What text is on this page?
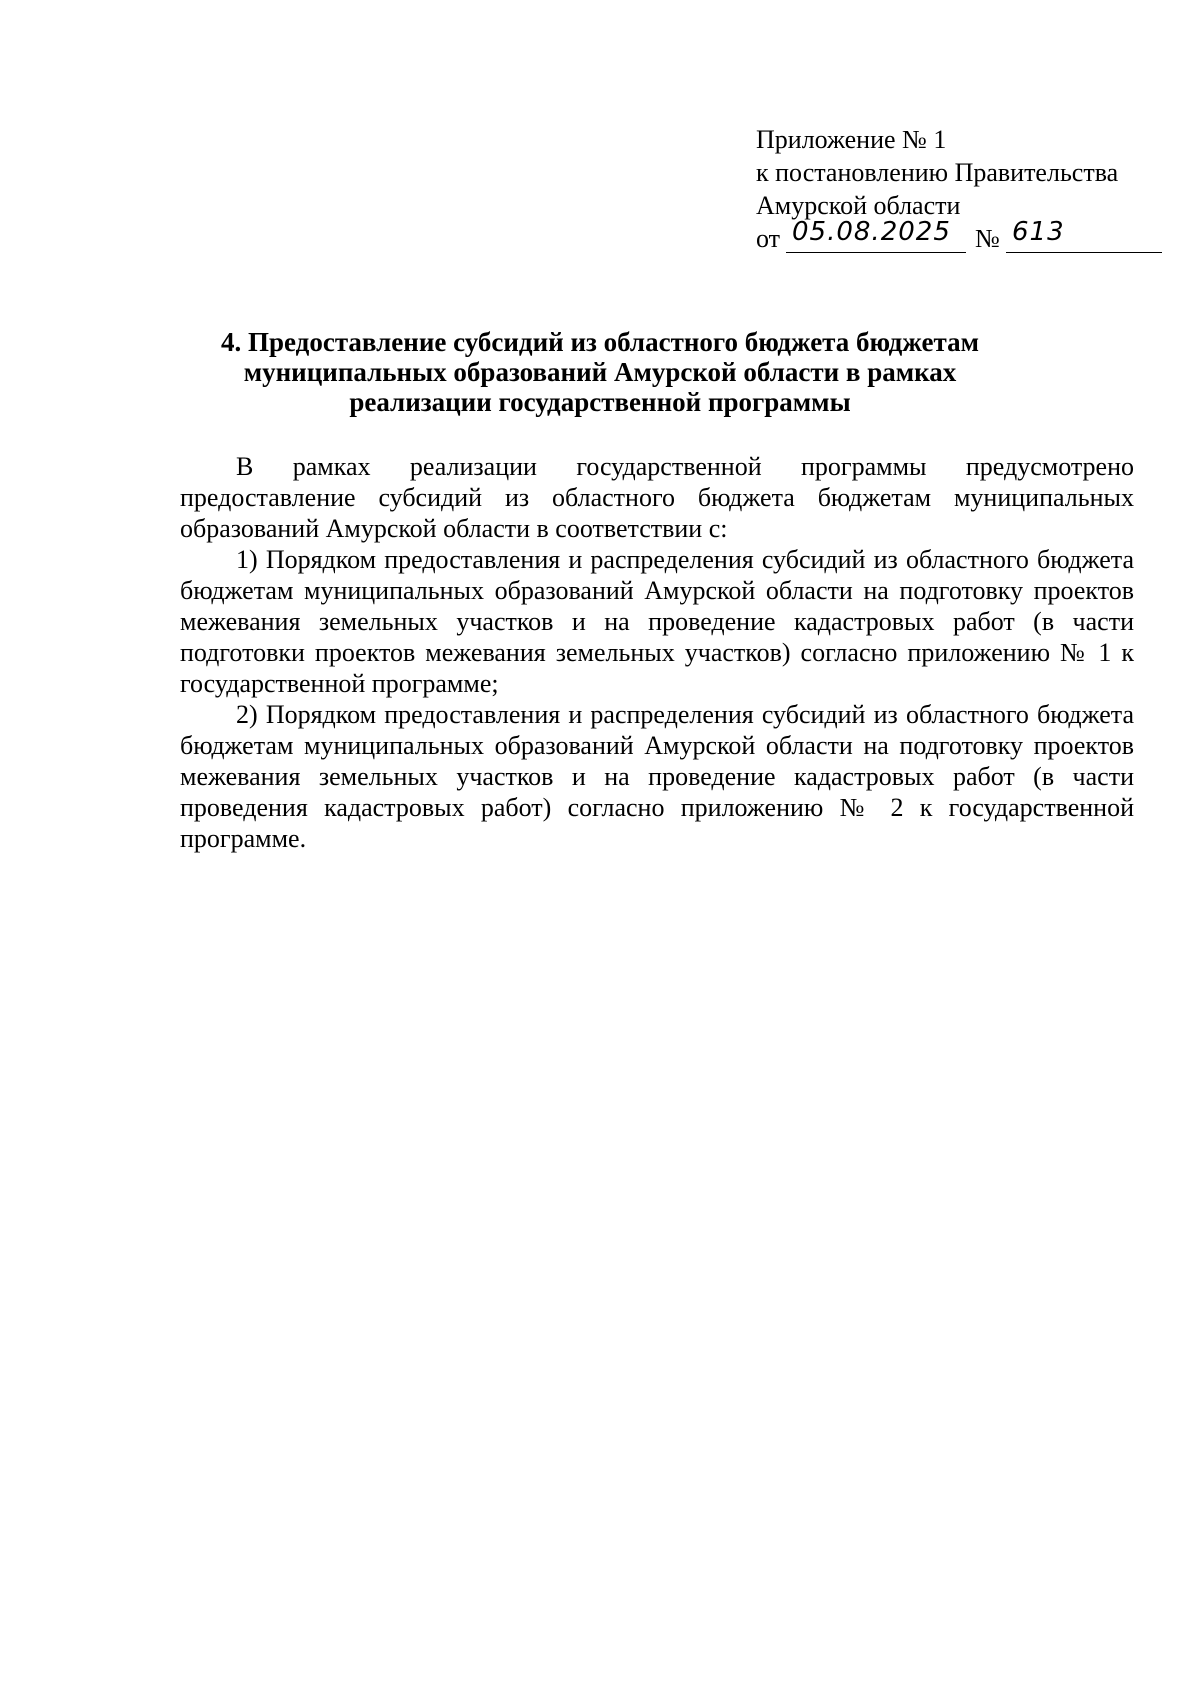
Приложение № 1
к постановлению Правительства
Амурской области
от 05.08.2025 № 613
4. Предоставление субсидий из областного бюджета бюджетам
муниципальных образований Амурской области в рамках
реализации государственной программы

В рамках реализации государственной программы предусмотрено предоставление субсидий из областного бюджета бюджетам муниципальных образований Амурской области в соответствии с:

1) Порядком предоставления и распределения субсидий из областного бюджета бюджетам муниципальных образований Амурской области на подготовку проектов межевания земельных участков и на проведение кадастровых работ (в части подготовки проектов межевания земельных участков) согласно приложению № 1 к государственной программе;

2) Порядком предоставления и распределения субсидий из областного бюджета бюджетам муниципальных образований Амурской области на подготовку проектов межевания земельных участков и на проведение кадастровых работ (в части проведения кадастровых работ) согласно приложению № 2 к государственной программе.
